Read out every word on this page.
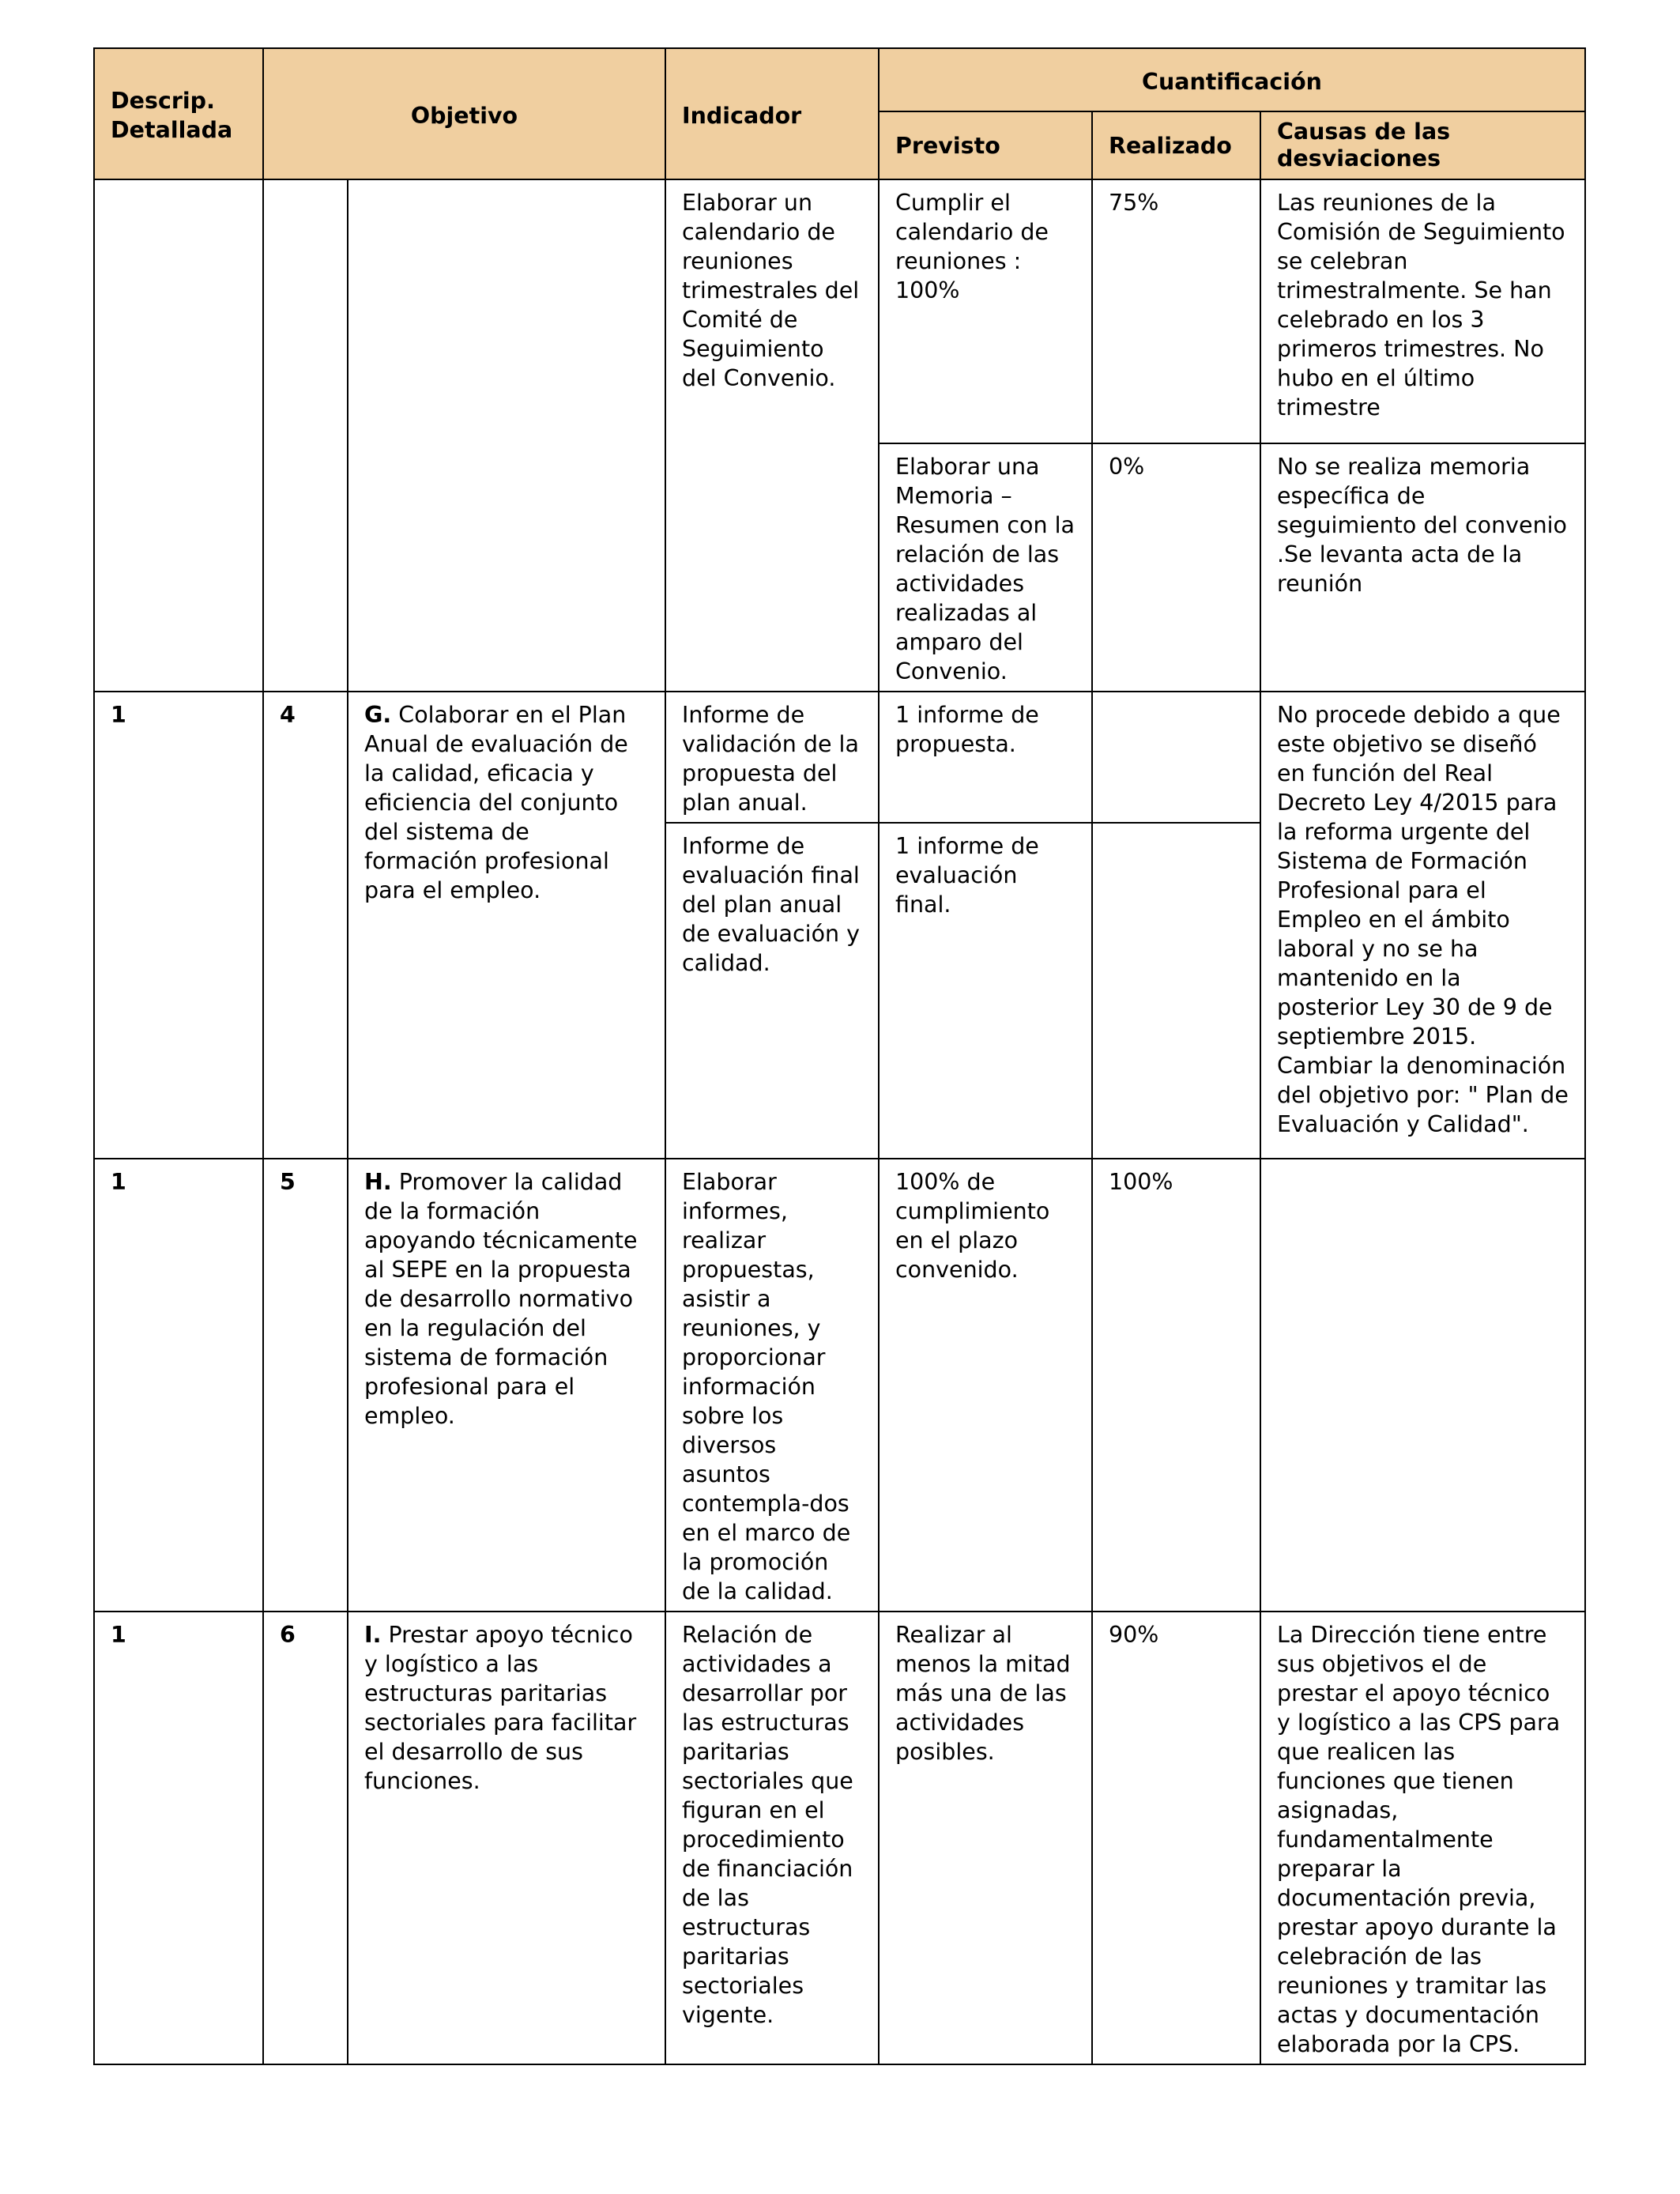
Descrip. Detallada	Objetivo		Indicador	Cuantificación		
				Previsto	Realizado	Causas de las desviaciones
			Elaborar un calendario de reuniones trimestrales del Comité de Seguimiento del Convenio.	Cumplir el calendario de reuniones : 100%	75%	Las reuniones de la Comisión de Seguimiento se celebran trimestralmente. Se han celebrado en los 3 primeros trimestres. No hubo en el último trimestre
				Elaborar una Memoria – Resumen con la relación de las actividades realizadas al amparo del Convenio.	0%	No se realiza memoria específica de seguimiento del convenio .Se levanta acta de la reunión
1	4	G. Colaborar en el Plan Anual de evaluación de la calidad, eficacia y eficiencia del conjunto del sistema de formación profesional para el empleo.	Informe de validación de la propuesta del plan anual.	1 informe de propuesta.		No procede debido a que este objetivo se diseñó en función del Real Decreto Ley 4/2015 para la reforma urgente del Sistema de Formación Profesional para el Empleo en el ámbito laboral y no se ha mantenido en la posterior Ley 30 de 9 de septiembre 2015. Cambiar la denominación del objetivo por: " Plan de Evaluación y Calidad".
			Informe de evaluación final del plan anual de evaluación y calidad.	1 informe de evaluación final.		
1	5	H. Promover la calidad de la formación apoyando técnicamente al SEPE en la propuesta de desarrollo normativo en la regulación del sistema de formación profesional para el empleo.	Elaborar informes, realizar propuestas, asistir a reuniones, y proporcionar información sobre los diversos asuntos contempla-dos en el marco de la promoción de la calidad.	100% de cumplimiento en el plazo convenido.	100%	
1	6	I. Prestar apoyo técnico y logístico a las estructuras paritarias sectoriales para facilitar el desarrollo de sus funciones.	Relación de actividades a desarrollar por las estructuras paritarias sectoriales que figuran en el procedimiento de financiación de las estructuras paritarias sectoriales vigente.	Realizar al menos la mitad más una de las actividades posibles.	90%	La Dirección tiene entre sus objetivos el de prestar el apoyo técnico y logístico a las CPS para que realicen las funciones que tienen asignadas, fundamentalmente preparar la documentación previa, prestar apoyo durante la celebración de las reuniones y tramitar las actas y documentación elaborada por la CPS.
